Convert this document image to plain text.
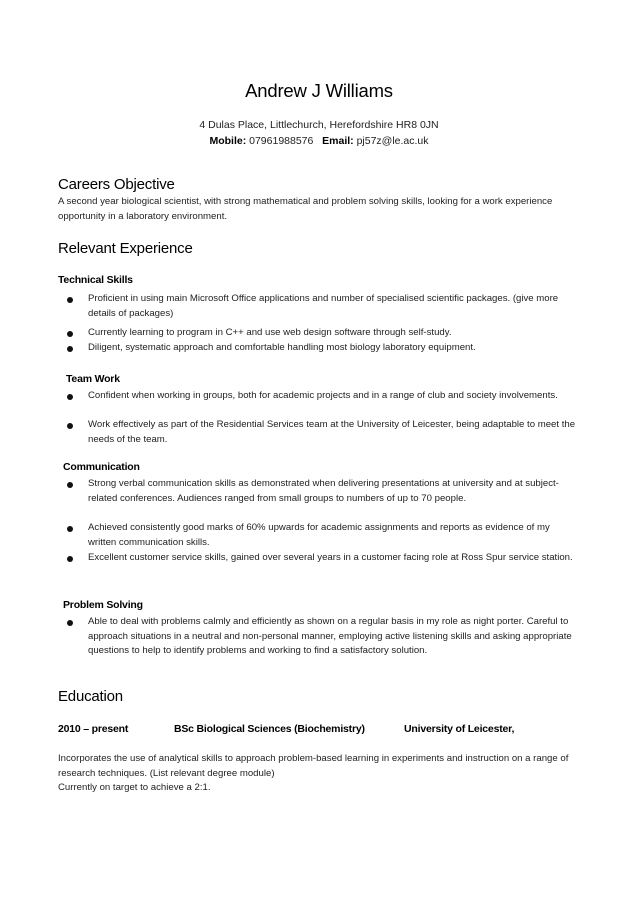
Andrew J Williams
4 Dulas Place, Littlechurch, Herefordshire HR8 0JN
Mobile: 07961988576 Email: pj57z@le.ac.uk
Careers Objective
A second year biological scientist, with strong mathematical and problem solving skills, looking for a work experience opportunity in a laboratory environment.
Relevant Experience
Technical Skills
Proficient in using main Microsoft Office applications and number of specialised scientific packages. (give more details of packages)
Currently learning to program in C++ and use web design software through self-study.
Diligent, systematic approach and comfortable handling most biology laboratory equipment.
Team Work
Confident when working in groups, both for academic projects and in a range of club and society involvements.
Work effectively as part of the Residential Services team at the University of Leicester, being adaptable to meet the needs of the team.
Communication
Strong verbal communication skills as demonstrated when delivering presentations at university and at subject-related conferences. Audiences ranged from small groups to numbers of up to 70 people.
Achieved consistently good marks of 60% upwards for academic assignments and reports as evidence of my written communication skills.
Excellent customer service skills, gained over several years in a customer facing role at Ross Spur service station.
Problem Solving
Able to deal with problems calmly and efficiently as shown on a regular basis in my role as night porter. Careful to approach situations in a neutral and non-personal manner, employing active listening skills and asking appropriate questions to help to identify problems and working to find a satisfactory solution.
Education
2010 – present	BSc Biological Sciences (Biochemistry)	University of Leicester,
Incorporates the use of analytical skills to approach problem-based learning in experiments and instruction on a range of research techniques. (List relevant degree module)
Currently on target to achieve a 2:1.
